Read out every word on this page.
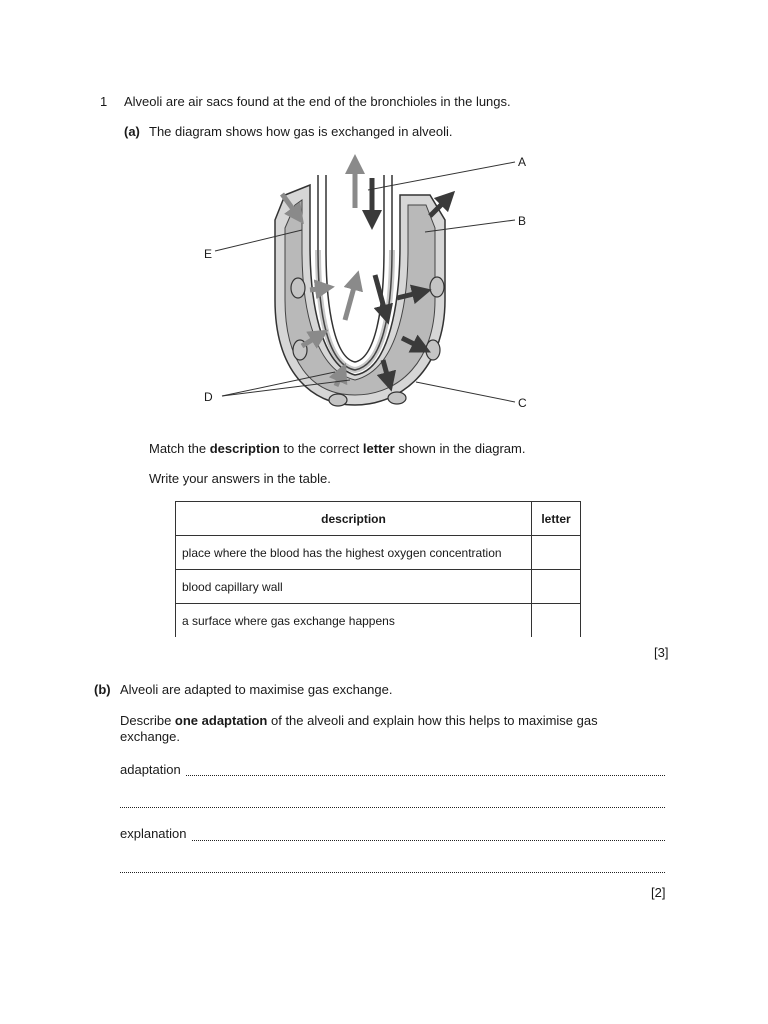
1 Alveoli are air sacs found at the end of the bronchioles in the lungs.
(a) The diagram shows how gas is exchanged in alveoli.
A
B
C
D
E
Match the description to the correct letter shown in the diagram.
Write your answers in the table.
description	letter
place where the blood has the highest oxygen concentration	
blood capillary wall	
a surface where gas exchange happens	
[3]
(b) Alveoli are adapted to maximise gas exchange.
Describe one adaptation of the alveoli and explain how this helps to maximise gas exchange.
adaptation
explanation
[2]
